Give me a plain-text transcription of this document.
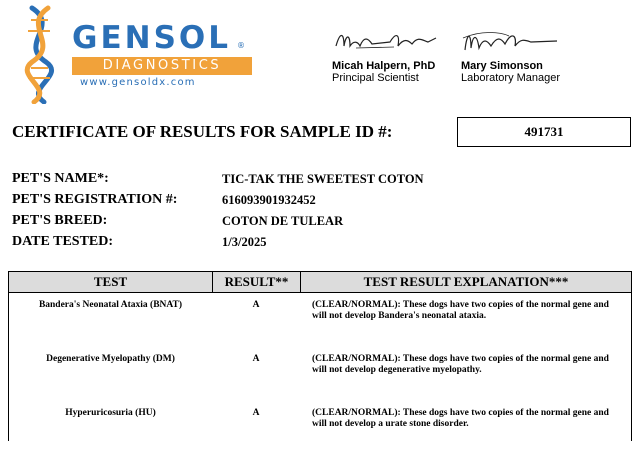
GENSOL ®
DIAGNOSTICS
www.gensoldx.com
Micah Halpern, PhD
Principal Scientist
Mary Simonson
Laboratory Manager
CERTIFICATE OF RESULTS FOR SAMPLE ID #:	491731
PET'S NAME*:	TIC-TAK THE SWEETEST COTON
PET'S REGISTRATION #:	616093901932452
PET'S BREED:	COTON DE TULEAR
DATE TESTED:	1/3/2025
TEST	RESULT**	TEST RESULT EXPLANATION***
Bandera's Neonatal Ataxia (BNAT)	A	(CLEAR/NORMAL): These dogs have two copies of the normal gene and will not develop Bandera's neonatal ataxia.
Degenerative Myelopathy (DM)	A	(CLEAR/NORMAL): These dogs have two copies of the normal gene and will not develop degenerative myelopathy.
Hyperuricosuria (HU)	A	(CLEAR/NORMAL): These dogs have two copies of the normal gene and will not develop a urate stone disorder.
